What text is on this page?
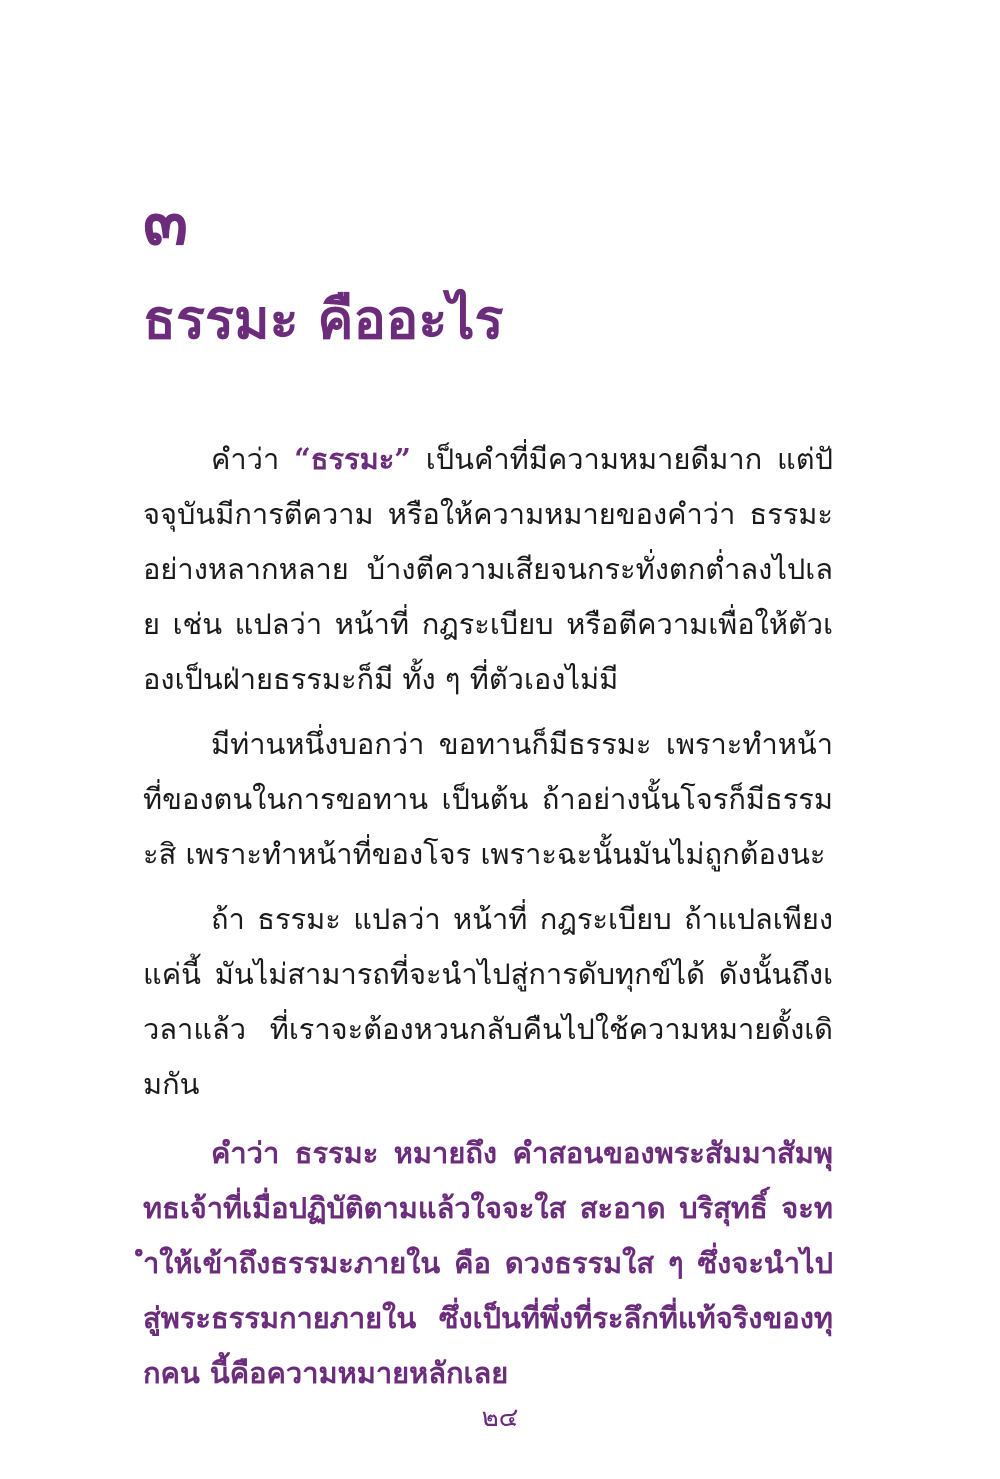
๓
ธรรมะ คืออะไร

คำว่า “ธรรมะ” เป็นคำที่มีความหมายดีมาก แต่ปัจจุบันมีการตีความ หรือให้ความหมายของคำว่า ธรรมะ อย่างหลากหลาย บ้างตีความเสียจนกระทั่งตกต่ำลงไปเลย เช่น แปลว่า หน้าที่ กฎระเบียบ หรือตีความเพื่อให้ตัวเองเป็นฝ่ายธรรมะก็มี ทั้ง ๆ ที่ตัวเองไม่มี

มีท่านหนึ่งบอกว่า ขอทานก็มีธรรมะ เพราะทำหน้าที่ของตนในการขอทาน เป็นต้น ถ้าอย่างนั้นโจรก็มีธรรมะสิ เพราะทำหน้าที่ของโจร เพราะฉะนั้นมันไม่ถูกต้องนะ

ถ้า ธรรมะ แปลว่า หน้าที่ กฎระเบียบ ถ้าแปลเพียงแค่นี้ มันไม่สามารถที่จะนำไปสู่การดับทุกข์ได้ ดังนั้นถึงเวลาแล้ว ที่เราจะต้องหวนกลับคืนไปใช้ความหมายดั้งเดิมกัน

คำว่า ธรรมะ หมายถึง คำสอนของพระสัมมาสัมพุทธเจ้าที่เมื่อปฏิบัติตามแล้วใจจะใส สะอาด บริสุทธิ์ จะทำให้เข้าถึงธรรมะภายใน คือ ดวงธรรมใส ๆ ซึ่งจะนำไปสู่พระธรรมกายภายใน ซึ่งเป็นที่พึ่งที่ระลึกที่แท้จริงของทุกคน นี้คือความหมายหลักเลย

๒๔
